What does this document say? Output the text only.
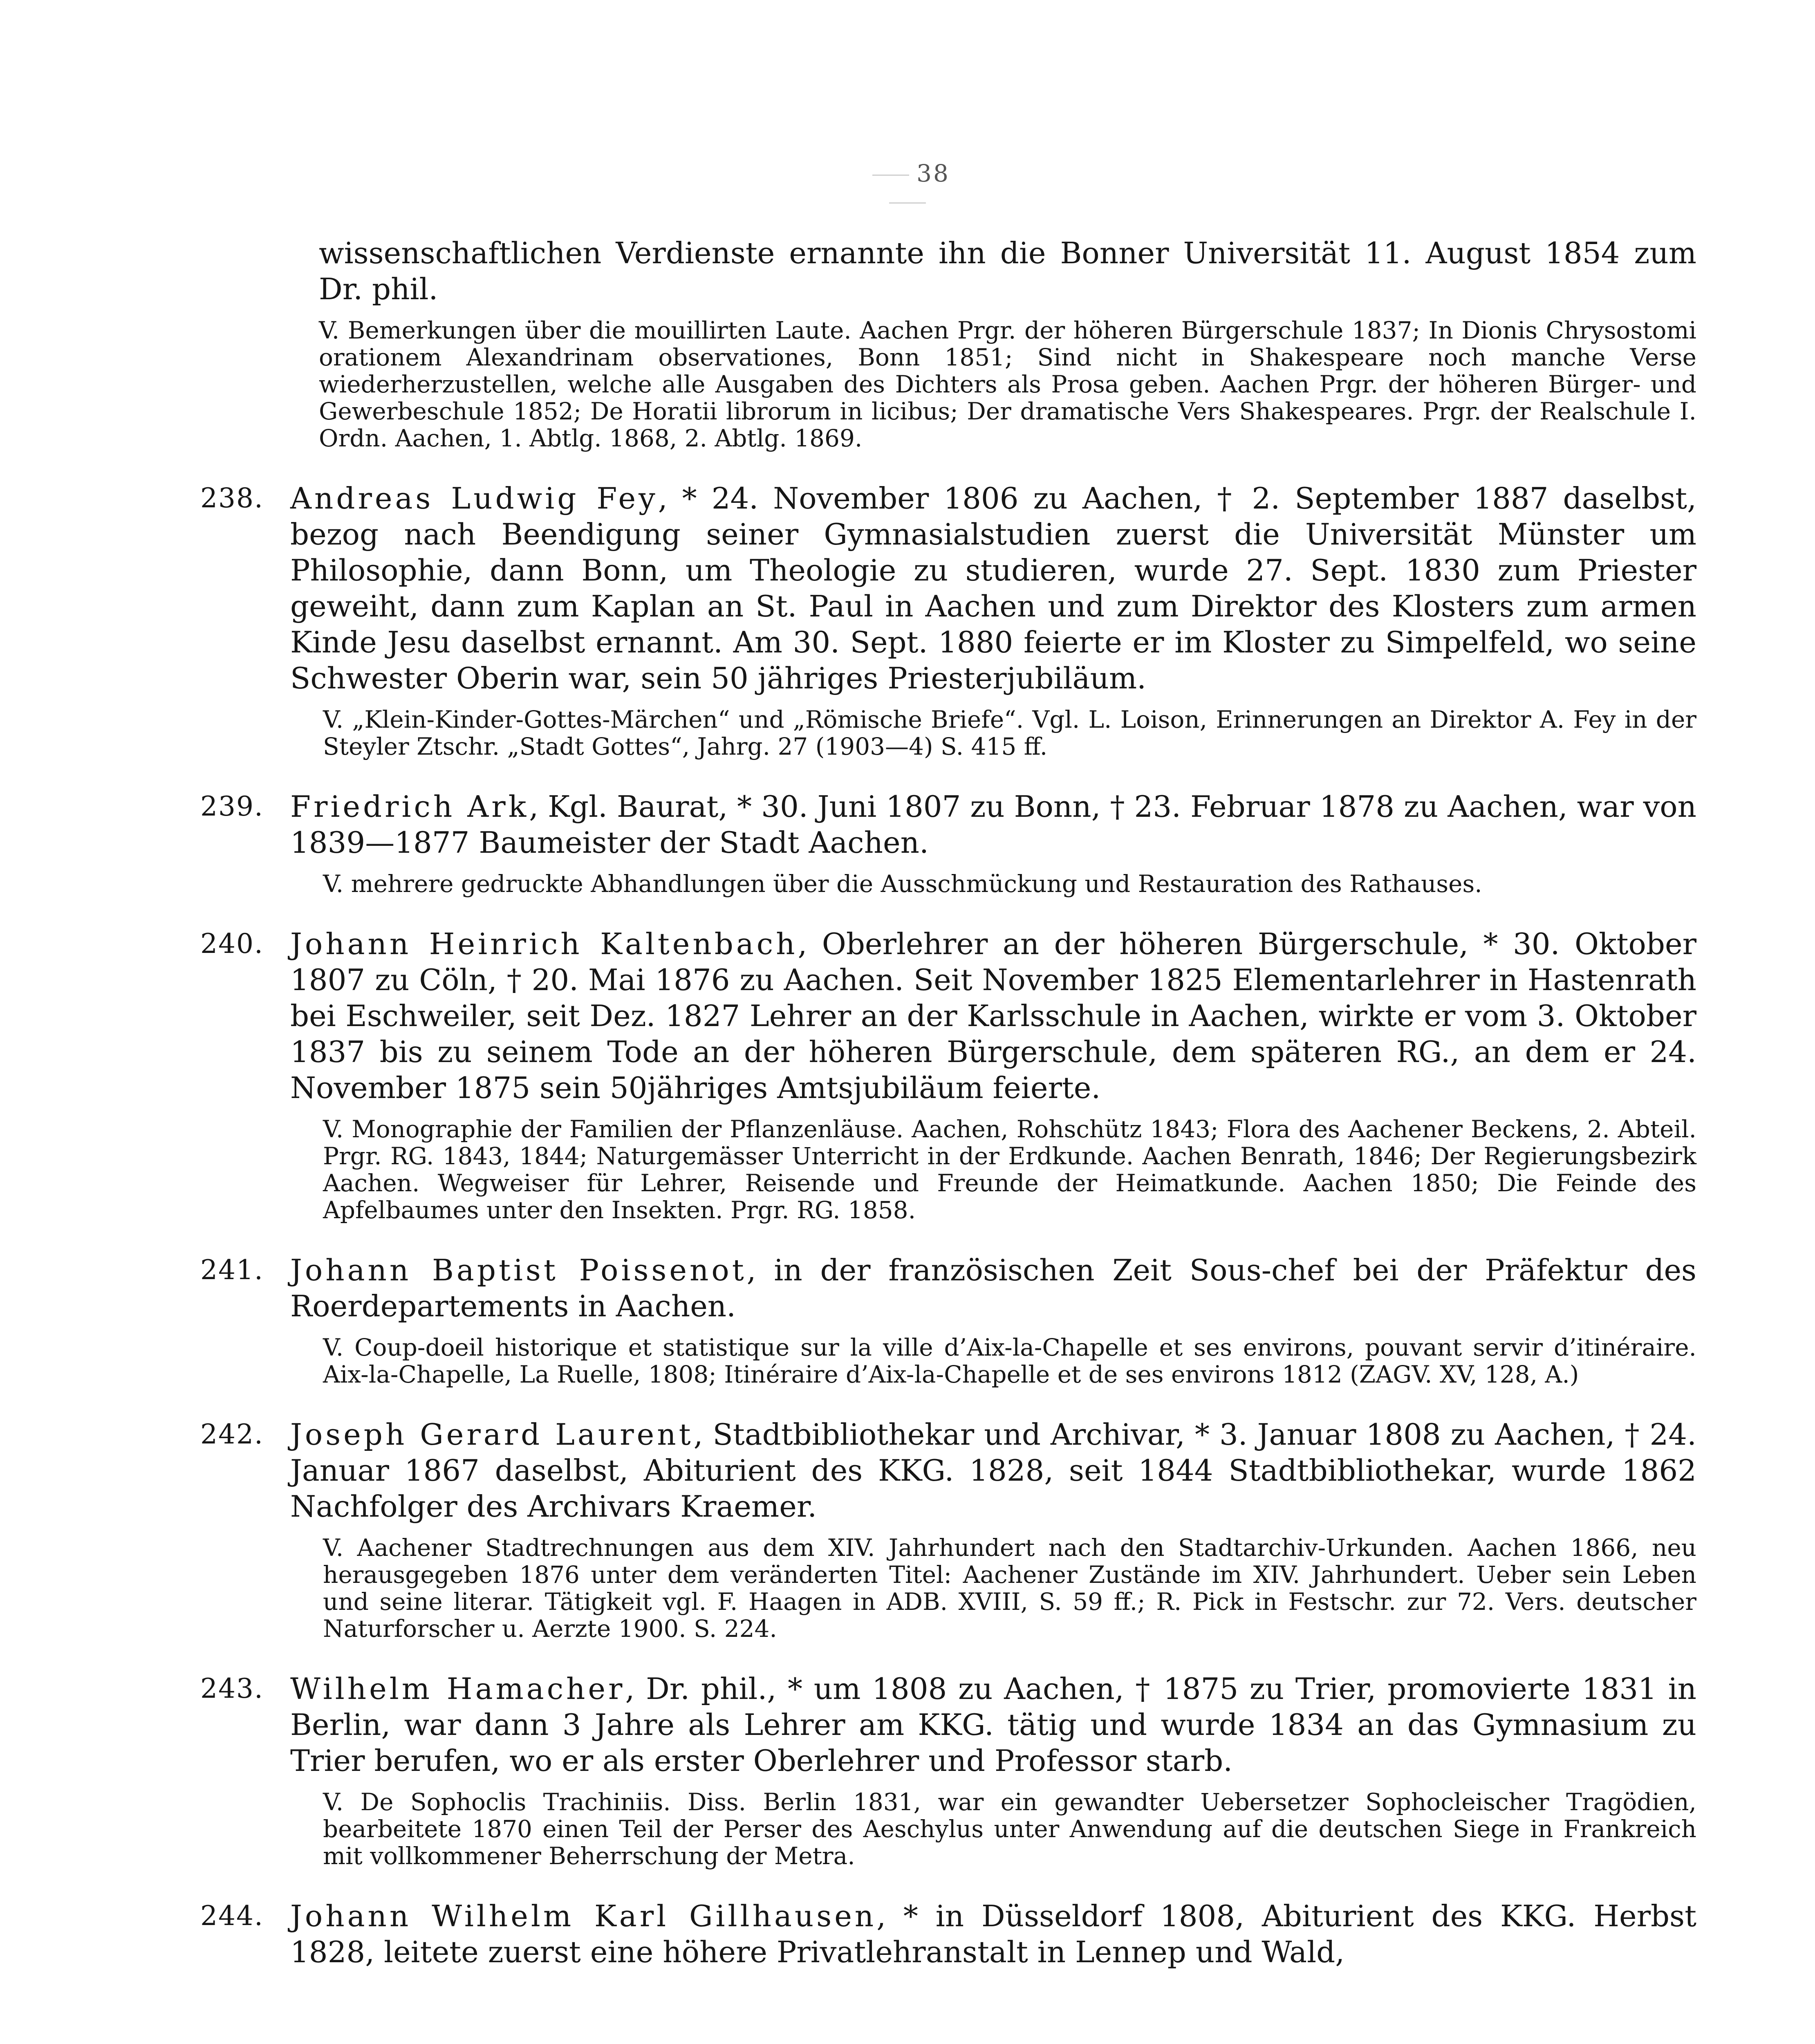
38

wissenschaftlichen Verdienste ernannte ihn die Bonner Universität 11. August 1854 zum Dr. phil.

V. Bemerkungen über die mouillirten Laute. Aachen Prgr. der höheren Bürgerschule 1837; In Dionis Chrysostomi orationem Alexandrinam observationes, Bonn 1851; Sind nicht in Shakespeare noch manche Verse wiederherzustellen, welche alle Ausgaben des Dichters als Prosa geben. Aachen Prgr. der höheren Bürger- und Gewerbeschule 1852; De Horatii librorum in licibus; Der dramatische Vers Shakespeares. Prgr. der Realschule I. Ordn. Aachen, 1. Abtlg. 1868, 2. Abtlg. 1869.

238. Andreas Ludwig Fey, * 24. November 1806 zu Aachen, † 2. September 1887 daselbst, bezog nach Beendigung seiner Gymnasialstudien zuerst die Universität Münster um Philosophie, dann Bonn, um Theologie zu studieren, wurde 27. Sept. 1830 zum Priester geweiht, dann zum Kaplan an St. Paul in Aachen und zum Direktor des Klosters zum armen Kinde Jesu daselbst ernannt. Am 30. Sept. 1880 feierte er im Kloster zu Simpelfeld, wo seine Schwester Oberin war, sein 50 jähriges Priesterjubiläum.

V. „Klein-Kinder-Gottes-Märchen“ und „Römische Briefe“. Vgl. L. Loison, Erinnerungen an Direktor A. Fey in der Steyler Ztschr. „Stadt Gottes“, Jahrg. 27 (1903—4) S. 415 ff.

239. Friedrich Ark, Kgl. Baurat, * 30. Juni 1807 zu Bonn, † 23. Februar 1878 zu Aachen, war von 1839—1877 Baumeister der Stadt Aachen.

V. mehrere gedruckte Abhandlungen über die Ausschmückung und Restauration des Rathauses.

240. Johann Heinrich Kaltenbach, Oberlehrer an der höheren Bürgerschule, * 30. Oktober 1807 zu Cöln, † 20. Mai 1876 zu Aachen. Seit November 1825 Elementarlehrer in Hastenrath bei Eschweiler, seit Dez. 1827 Lehrer an der Karlsschule in Aachen, wirkte er vom 3. Oktober 1837 bis zu seinem Tode an der höheren Bürgerschule, dem späteren RG., an dem er 24. November 1875 sein 50jähriges Amtsjubiläum feierte.

V. Monographie der Familien der Pflanzenläuse. Aachen, Rohschütz 1843; Flora des Aachener Beckens, 2. Abteil. Prgr. RG. 1843, 1844; Naturgemässer Unterricht in der Erdkunde. Aachen Benrath, 1846; Der Regierungsbezirk Aachen. Wegweiser für Lehrer, Reisende und Freunde der Heimatkunde. Aachen 1850; Die Feinde des Apfelbaumes unter den Insekten. Prgr. RG. 1858.

241. Johann Baptist Poissenot, in der französischen Zeit Sous-chef bei der Präfektur des Roerdepartements in Aachen.

V. Coup-doeil historique et statistique sur la ville d’Aix-la-Chapelle et ses environs, pouvant servir d’itinéraire. Aix-la-Chapelle, La Ruelle, 1808; Itinéraire d’Aix-la-Chapelle et de ses environs 1812 (ZAGV. XV, 128, A.)

242. Joseph Gerard Laurent, Stadtbibliothekar und Archivar, * 3. Januar 1808 zu Aachen, † 24. Januar 1867 daselbst, Abiturient des KKG. 1828, seit 1844 Stadtbibliothekar, wurde 1862 Nachfolger des Archivars Kraemer.

V. Aachener Stadtrechnungen aus dem XIV. Jahrhundert nach den Stadtarchiv-Urkunden. Aachen 1866, neu herausgegeben 1876 unter dem veränderten Titel: Aachener Zustände im XIV. Jahrhundert. Ueber sein Leben und seine literar. Tätigkeit vgl. F. Haagen in ADB. XVIII, S. 59 ff.; R. Pick in Festschr. zur 72. Vers. deutscher Naturforscher u. Aerzte 1900. S. 224.

243. Wilhelm Hamacher, Dr. phil., * um 1808 zu Aachen, † 1875 zu Trier, promovierte 1831 in Berlin, war dann 3 Jahre als Lehrer am KKG. tätig und wurde 1834 an das Gymnasium zu Trier berufen, wo er als erster Oberlehrer und Professor starb.

V. De Sophoclis Trachiniis. Diss. Berlin 1831, war ein gewandter Uebersetzer Sophocleischer Tragödien, bearbeitete 1870 einen Teil der Perser des Aeschylus unter Anwendung auf die deutschen Siege in Frankreich mit vollkommener Beherrschung der Metra.

244. Johann Wilhelm Karl Gillhausen, * in Düsseldorf 1808, Abiturient des KKG. Herbst 1828, leitete zuerst eine höhere Privatlehranstalt in Lennep und Wald,
